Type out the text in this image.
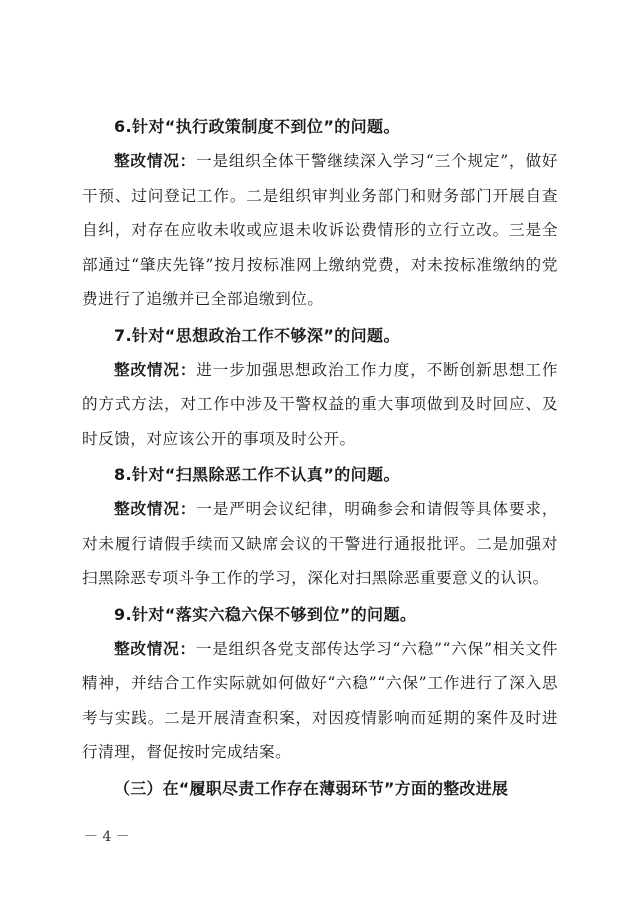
6.针对“执行政策制度不到位”的问题。

整改情况：一是组织全体干警继续深入学习“三个规定”，做好干预、过问登记工作。二是组织审判业务部门和财务部门开展自查自纠，对存在应收未收或应退未收诉讼费情形的立行立改。三是全部通过“肇庆先锋”按月按标准网上缴纳党费，对未按标准缴纳的党费进行了追缴并已全部追缴到位。

7.针对“思想政治工作不够深”的问题。

整改情况：进一步加强思想政治工作力度，不断创新思想工作的方式方法，对工作中涉及干警权益的重大事项做到及时回应、及时反馈，对应该公开的事项及时公开。

8.针对“扫黑除恶工作不认真”的问题。

整改情况：一是严明会议纪律，明确参会和请假等具体要求，对未履行请假手续而又缺席会议的干警进行通报批评。二是加强对扫黑除恶专项斗争工作的学习，深化对扫黑除恶重要意义的认识。

9.针对“落实六稳六保不够到位”的问题。

整改情况：一是组织各党支部传达学习“六稳”“六保”相关文件精神，并结合工作实际就如何做好“六稳”“六保”工作进行了深入思考与实践。二是开展清查积案，对因疫情影响而延期的案件及时进行清理，督促按时完成结案。

（三）在“履职尽责工作存在薄弱环节”方面的整改进展

－ 4 －
